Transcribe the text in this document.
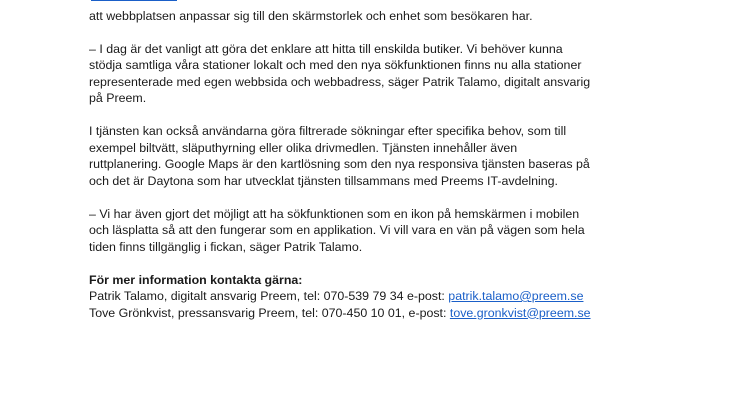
att webbplatsen anpassar sig till den skärmstorlek och enhet som besökaren har.

– I dag är det vanligt att göra det enklare att hitta till enskilda butiker. Vi behöver kunna
stödja samtliga våra stationer lokalt och med den nya sökfunktionen finns nu alla stationer
representerade med egen webbsida och webbadress, säger Patrik Talamo, digitalt ansvarig
på Preem.

I tjänsten kan också användarna göra filtrerade sökningar efter specifika behov, som till
exempel biltvätt, släputhyrning eller olika drivmedlen. Tjänsten innehåller även
ruttplanering. Google Maps är den kartlösning som den nya responsiva tjänsten baseras på
och det är Daytona som har utvecklat tjänsten tillsammans med Preems IT-avdelning.

– Vi har även gjort det möjligt att ha sökfunktionen som en ikon på hemskärmen i mobilen
och läsplatta så att den fungerar som en applikation. Vi vill vara en vän på vägen som hela
tiden finns tillgänglig i fickan, säger Patrik Talamo.

För mer information kontakta gärna:
Patrik Talamo, digitalt ansvarig Preem, tel: 070-539 79 34 e-post: patrik.talamo@preem.se
Tove Grönkvist, pressansvarig Preem, tel: 070-450 10 01, e-post: tove.gronkvist@preem.se
